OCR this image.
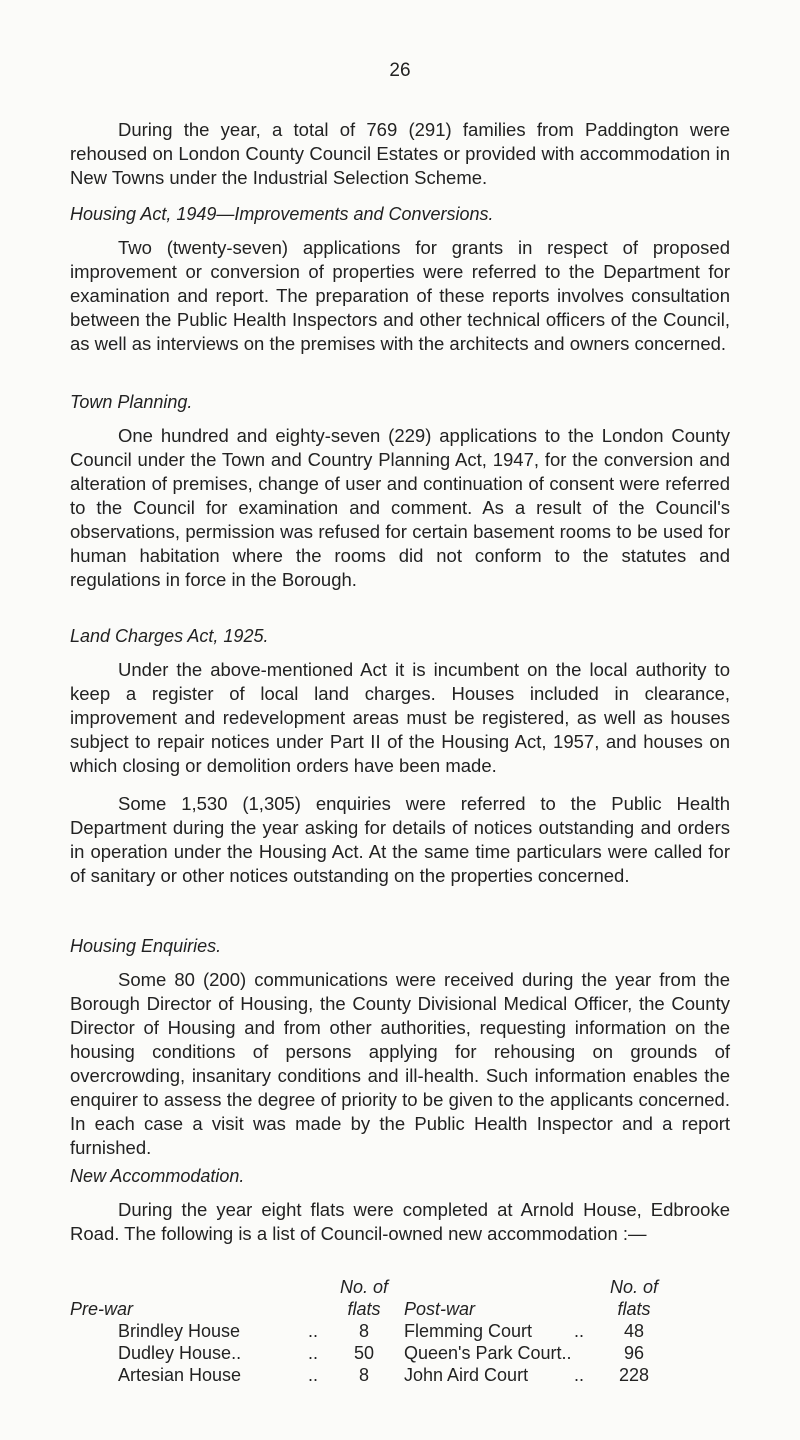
26

During the year, a total of 769 (291) families from Paddington were rehoused on London County Council Estates or provided with accommodation in New Towns under the Industrial Selection Scheme.

Housing Act, 1949—Improvements and Conversions.

Two (twenty-seven) applications for grants in respect of proposed improvement or conversion of properties were referred to the Department for examination and report. The preparation of these reports involves consultation between the Public Health Inspectors and other technical officers of the Council, as well as interviews on the premises with the architects and owners concerned.

Town Planning.

One hundred and eighty-seven (229) applications to the London County Council under the Town and Country Planning Act, 1947, for the conversion and alteration of premises, change of user and continuation of consent were referred to the Council for examination and comment. As a result of the Council's observations, permission was refused for certain basement rooms to be used for human habitation where the rooms did not conform to the statutes and regulations in force in the Borough.

Land Charges Act, 1925.

Under the above-mentioned Act it is incumbent on the local authority to keep a register of local land charges. Houses included in clearance, improvement and redevelopment areas must be registered, as well as houses subject to repair notices under Part II of the Housing Act, 1957, and houses on which closing or demolition orders have been made.

Some 1,530 (1,305) enquiries were referred to the Public Health Department during the year asking for details of notices outstanding and orders in operation under the Housing Act. At the same time particulars were called for of sanitary or other notices outstanding on the properties concerned.

Housing Enquiries.

Some 80 (200) communications were received during the year from the Borough Director of Housing, the County Divisional Medical Officer, the County Director of Housing and from other authorities, requesting information on the housing conditions of persons applying for rehousing on grounds of overcrowding, insanitary conditions and ill-health. Such information enables the enquirer to assess the degree of priority to be given to the applicants concerned. In each case a visit was made by the Public Health Inspector and a report furnished.

New Accommodation.

During the year eight flats were completed at Arnold House, Edbrooke Road. The following is a list of Council-owned new accommodation :—

		No. of			No. of
Pre-war		flats	Post-war		flats
Brindley House	..	8	Flemming Court	..	48
Dudley House..	..	50	Queen's Park Court..		96
Artesian House	..	8	John Aird Court	..	228
